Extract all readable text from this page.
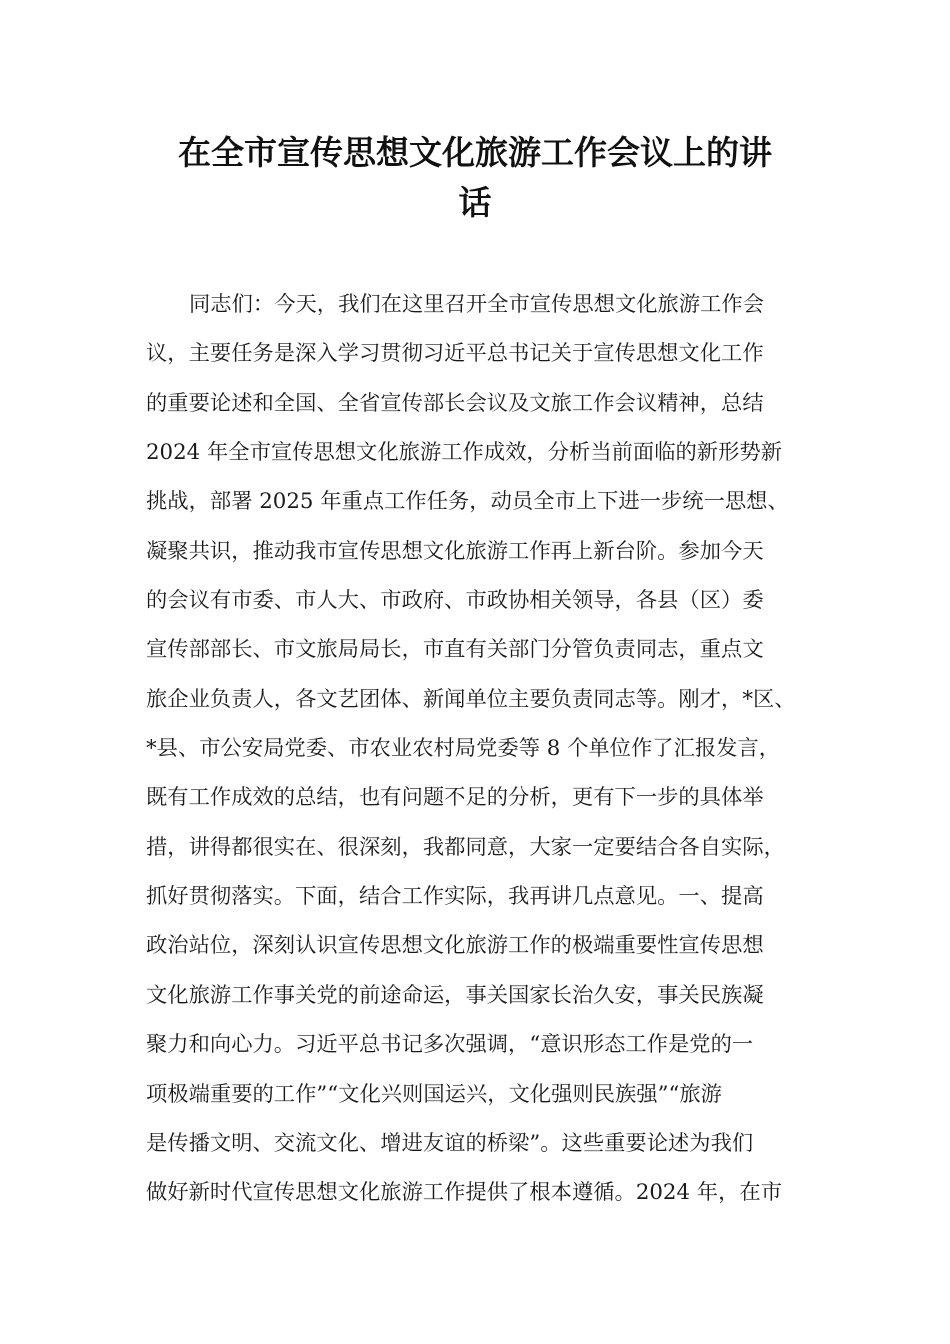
在全市宣传思想文化旅游工作会议上的讲
话
同志们：今天，我们在这里召开全市宣传思想文化旅游工作会
议，主要任务是深入学习贯彻习近平总书记关于宣传思想文化工作
的重要论述和全国、全省宣传部长会议及文旅工作会议精神，总结
2024 年全市宣传思想文化旅游工作成效，分析当前面临的新形势新
挑战，部署 2025 年重点工作任务，动员全市上下进一步统一思想、
凝聚共识，推动我市宣传思想文化旅游工作再上新台阶。参加今天
的会议有市委、市人大、市政府、市政协相关领导，各县（区）委
宣传部部长、市文旅局局长，市直有关部门分管负责同志，重点文
旅企业负责人，各文艺团体、新闻单位主要负责同志等。刚才，*区、
*县、市公安局党委、市农业农村局党委等 8 个单位作了汇报发言，
既有工作成效的总结，也有问题不足的分析，更有下一步的具体举
措，讲得都很实在、很深刻，我都同意，大家一定要结合各自实际，
抓好贯彻落实。下面，结合工作实际，我再讲几点意见。一、提高
政治站位，深刻认识宣传思想文化旅游工作的极端重要性宣传思想
文化旅游工作事关党的前途命运，事关国家长治久安，事关民族凝
聚力和向心力。习近平总书记多次强调，“意识形态工作是党的一
项极端重要的工作”“文化兴则国运兴，文化强则民族强”“旅游
是传播文明、交流文化、增进友谊的桥梁”。这些重要论述为我们
做好新时代宣传思想文化旅游工作提供了根本遵循。2024 年，在市
